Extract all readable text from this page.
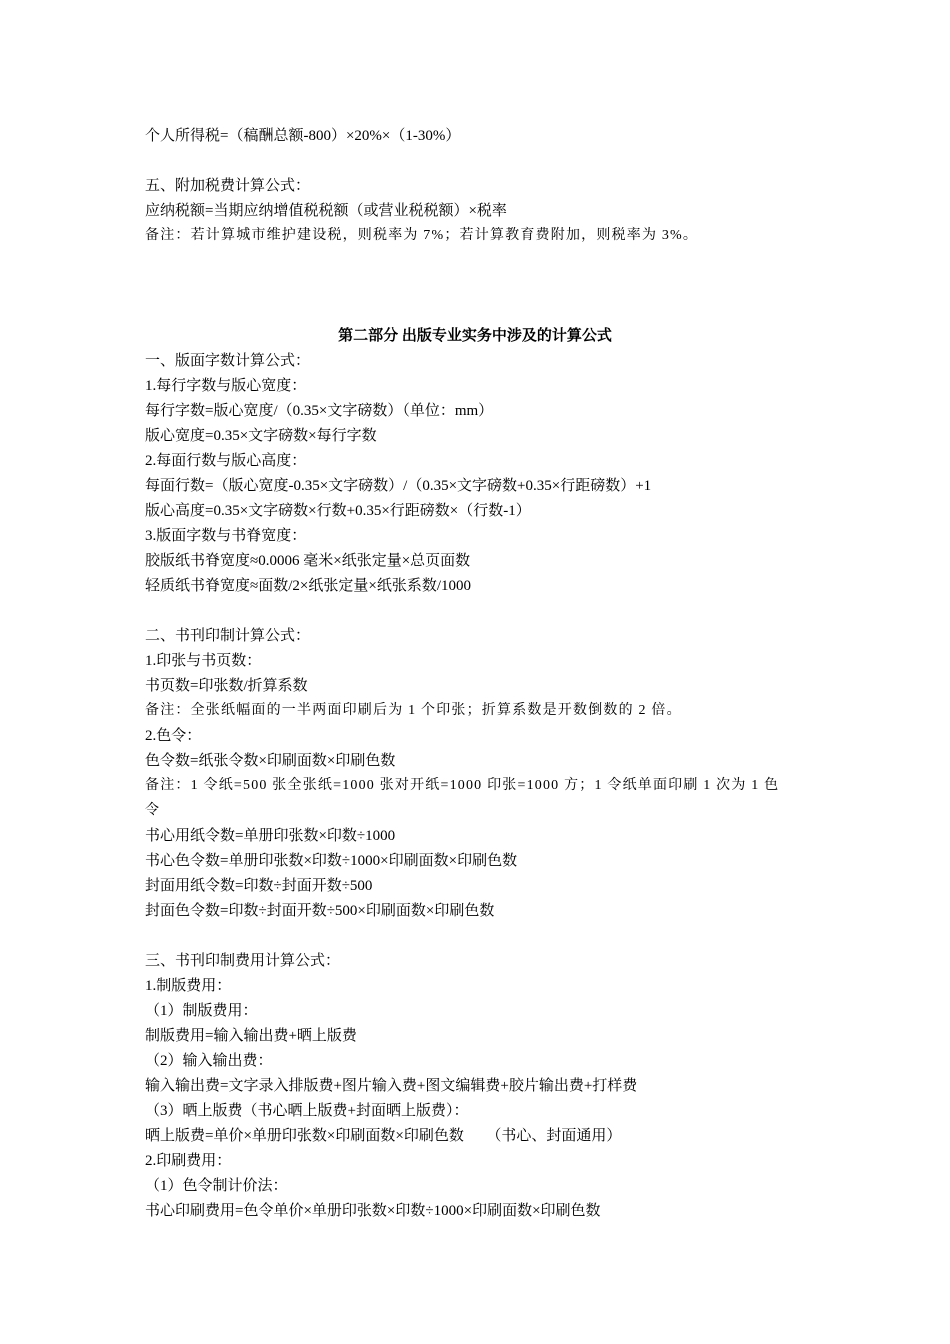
个人所得税=（稿酬总额-800）×20%×（1-30%）
五、附加税费计算公式：
应纳税额=当期应纳增值税税额（或营业税税额）×税率
备注：若计算城市维护建设税，则税率为 7%；若计算教育费附加，则税率为 3%。
第二部分 出版专业实务中涉及的计算公式
一、版面字数计算公式：
1.每行字数与版心宽度：
每行字数=版心宽度/（0.35×文字磅数）（单位：mm）
版心宽度=0.35×文字磅数×每行字数
2.每面行数与版心高度：
每面行数=（版心宽度-0.35×文字磅数）/（0.35×文字磅数+0.35×行距磅数）+1
版心高度=0.35×文字磅数×行数+0.35×行距磅数×（行数-1）
3.版面字数与书脊宽度：
胶版纸书脊宽度≈0.0006 毫米×纸张定量×总页面数
轻质纸书脊宽度≈面数/2×纸张定量×纸张系数/1000
二、书刊印制计算公式：
1.印张与书页数：
书页数=印张数/折算系数
备注：全张纸幅面的一半两面印刷后为 1 个印张；折算系数是开数倒数的 2 倍。
2.色令：
色令数=纸张令数×印刷面数×印刷色数
备注：1 令纸=500 张全张纸=1000 张对开纸=1000 印张=1000 方；1 令纸单面印刷 1 次为 1 色
令
书心用纸令数=单册印张数×印数÷1000
书心色令数=单册印张数×印数÷1000×印刷面数×印刷色数
封面用纸令数=印数÷封面开数÷500
封面色令数=印数÷封面开数÷500×印刷面数×印刷色数
三、书刊印制费用计算公式：
1.制版费用：
（1）制版费用：
制版费用=输入输出费+晒上版费
（2）输入输出费：
输入输出费=文字录入排版费+图片输入费+图文编辑费+胶片输出费+打样费
（3）晒上版费（书心晒上版费+封面晒上版费）：
晒上版费=单价×单册印张数×印刷面数×印刷色数　　（书心、封面通用）
2.印刷费用：
（1）色令制计价法：
书心印刷费用=色令单价×单册印张数×印数÷1000×印刷面数×印刷色数
